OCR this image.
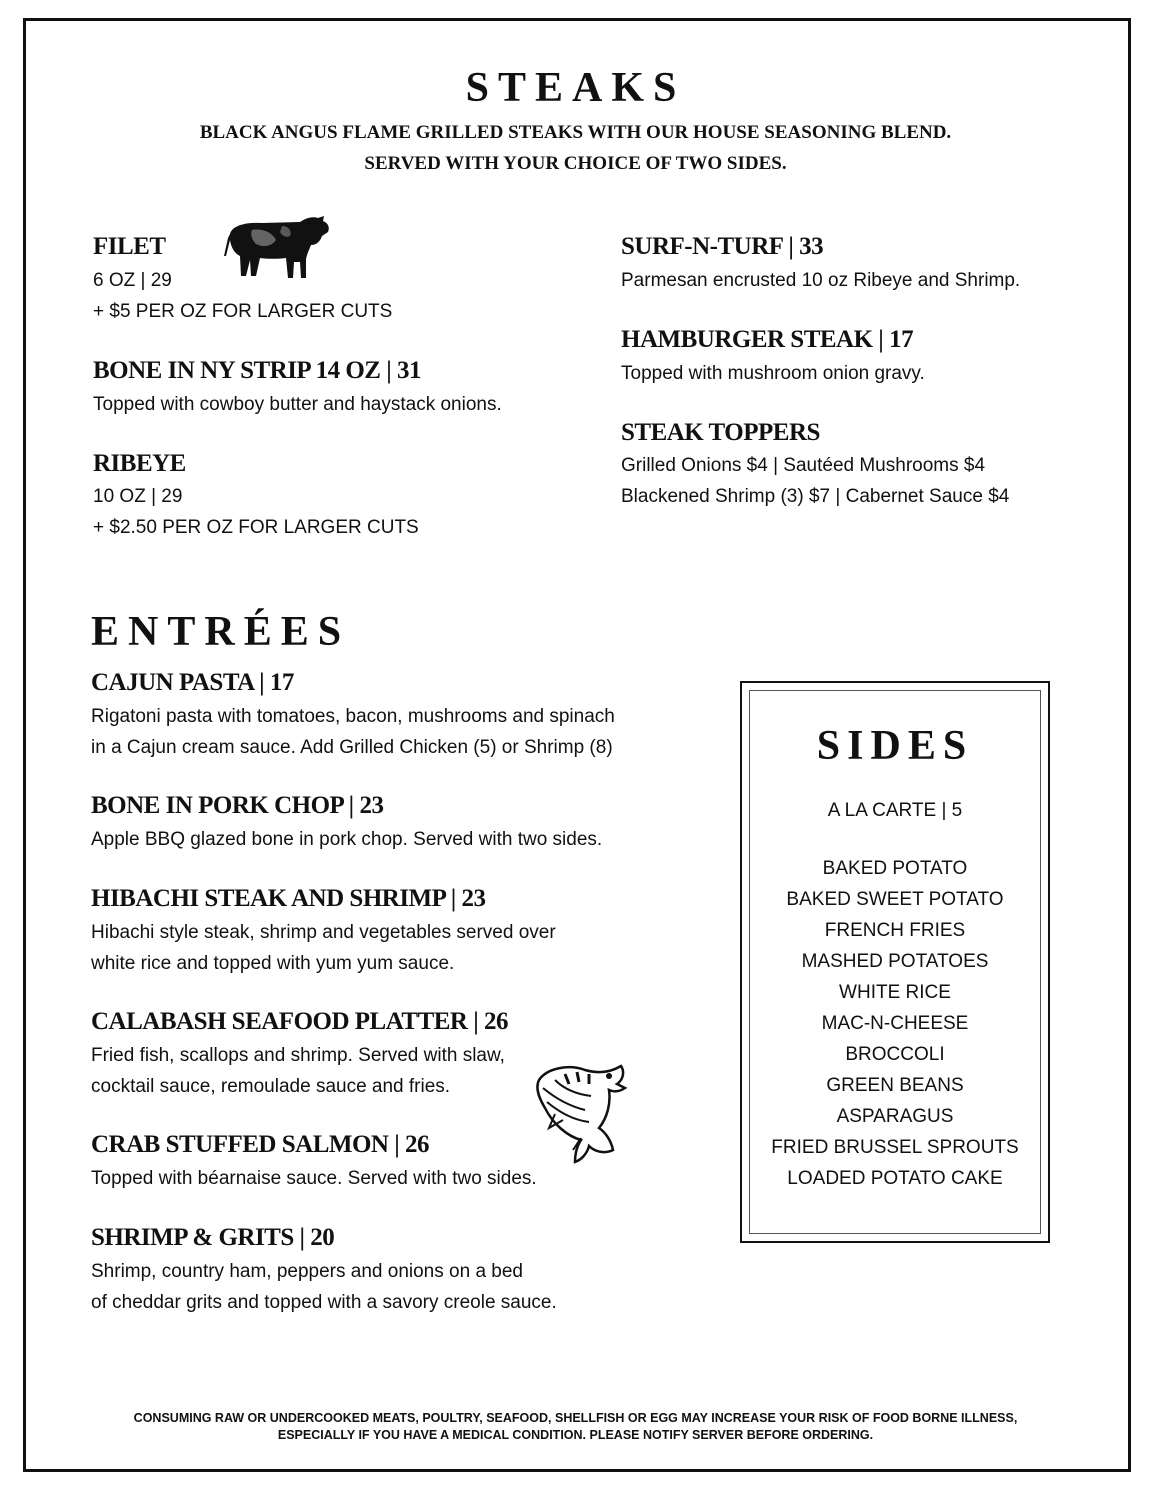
STEAKS
BLACK ANGUS FLAME GRILLED STEAKS WITH OUR HOUSE SEASONING BLEND.
SERVED WITH YOUR CHOICE OF TWO SIDES.
FILET
6 OZ | 29
+ $5 PER OZ FOR LARGER CUTS
BONE IN NY STRIP 14 OZ | 31
Topped with cowboy butter and haystack onions.
RIBEYE
10 OZ | 29
+ $2.50 PER OZ FOR LARGER CUTS
SURF-N-TURF | 33
Parmesan encrusted 10 oz Ribeye and Shrimp.
HAMBURGER STEAK | 17
Topped with mushroom onion gravy.
STEAK TOPPERS
Grilled Onions $4 | Sautéed Mushrooms $4
Blackened Shrimp (3) $7 | Cabernet Sauce $4
ENTRÉES
CAJUN PASTA | 17
Rigatoni pasta with tomatoes, bacon, mushrooms and spinach
in a Cajun cream sauce. Add Grilled Chicken (5) or Shrimp (8)
BONE IN PORK CHOP | 23
Apple BBQ glazed bone in pork chop. Served with two sides.
HIBACHI STEAK AND SHRIMP | 23
Hibachi style steak, shrimp and vegetables served over
white rice and topped with yum yum sauce.
CALABASH SEAFOOD PLATTER | 26
Fried fish, scallops and shrimp. Served with slaw,
cocktail sauce, remoulade sauce and fries.
CRAB STUFFED SALMON | 26
Topped with béarnaise sauce. Served with two sides.
SHRIMP & GRITS | 20
Shrimp, country ham, peppers and onions on a bed
of cheddar grits and topped with a savory creole sauce.
SIDES
A LA CARTE | 5
BAKED POTATO
BAKED SWEET POTATO
FRENCH FRIES
MASHED POTATOES
WHITE RICE
MAC-N-CHEESE
BROCCOLI
GREEN BEANS
ASPARAGUS
FRIED BRUSSEL SPROUTS
LOADED POTATO CAKE
CONSUMING RAW OR UNDERCOOKED MEATS, POULTRY, SEAFOOD, SHELLFISH OR EGG MAY INCREASE YOUR RISK OF FOOD BORNE ILLNESS,
ESPECIALLY IF YOU HAVE A MEDICAL CONDITION. PLEASE NOTIFY SERVER BEFORE ORDERING.
